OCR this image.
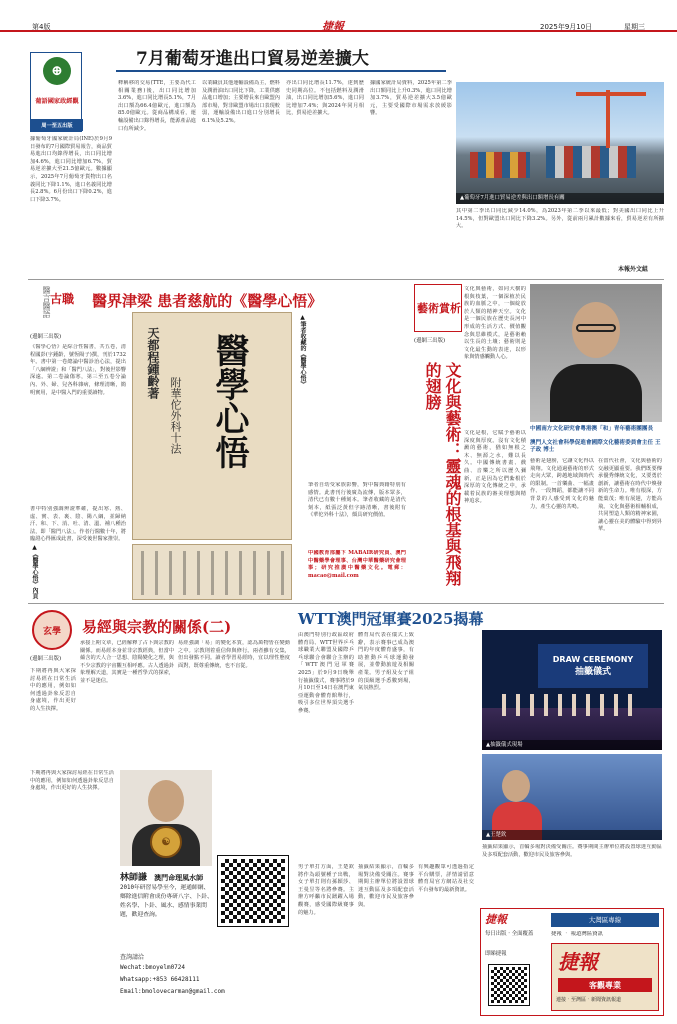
第4版	捷報	2025年9月10日	星期三
7月葡萄牙進出口貿易逆差擴大
⊕
葡語國家政經觀
周一至五出版
據葡萄牙國家統計局(INE)於9月9日發布的7月國際貿易報告，商品貿易進出口均錄得增長，出口同比增加4.6%，進口同比增加6.7%，貿易逆差擴大至21.5億歐元。數據顯示，2025年7月葡萄牙貨物出口名義同比下降1.1%，進口名義同比增長2.8%。6月份出口下降0.2%，進口下降3.7%。
釋稱移的交易(TTE，主要為代工相關業務)後，出口同比增加3.6%，進口同比增長5.1%，7月出口額為66.4億歐元，進口額為85.0億歐元。從商品構成看，運輸設備出口錄得增長，能源產品進口有所減少。
以業職員其他運輸設備為主，燃料及潤滑油出口同比下降，工業供應品進口增加；主要增長來自歐盟內部市場，對非歐盟市場出口表現較弱，運輸設備出口進口分別增長6.1%及5.2%。
亦出口同比增長11.7%，達到歷史同期高位。不包括燃料及潤滑油，出口同比增加5.6%，進口同比增加7.4%；與2024年同月相比，貿易逆差擴大。
據國家統計局資料，2025年第二季出口額同比上升0.3%，進口同比增加3.7%，貿易逆差擴大3.5億歐元，主要受國際市場需求放緩影響。
▲葡萄牙7月進口貿易逆差與出口額增長有關
其中第二季出口同比減少14.0%，為2023年第二季以來最低；對美國出口同比上升14.5%，但對歐盟出口同比下降3.2%。另外，從前兩月累計數據來看，貿易逆差有所擴大。
本報外文組
醫言醫語 古職
(邊網三出版)
醫界津梁 患者慈航的《醫學心悟》
《醫學心悟》是綜合性醫書，共五卷，清程國彭(字鍾齡，號恆陽子)撰，刊於1732年。書中第一卷總論中醫診治心法，提出「八綱辨證」和「醫門八法」，對後世影響深遠。第二卷論傷寒，第三至五卷分論內、外、婦、兒各科雜病，條理清晰，簡明實用，是中醫入門的重要讀物。	天都程鍾齡著
附華佗外科十法 醫學心悟	▲筆者收藏的《醫學心悟》
書中特別強調辨證準確，提出寒、熱、虛、實、表、裏、陰、陽八綱，並歸納汗、和、下、消、吐、清、溫、補八種治法，即「醫門八法」。作者行醫數十年，將臨證心得匯成此書，深受後世醫家推崇。
▲《醫學心悟》內頁
筆者自幼受家族影響，對中醫典籍特別有感情。此書刊行後廣為流傳，版本眾多，清代已有數十種刻本。筆者收藏的是清代刻本，紙張泛黃但字跡清晰，書後附有《華佗外科十法》，頗具研究價值。
中國教育部屬下 MABAIR研究員、澳門中醫藥學會理事、台灣中華醫藥研究會理事；研究推廣中醫藥文化。電郵：macao@mail.com
藝術賞析
(邊網三出版)
文化與藝術，如同大樹的根與枝葉，一個深植於民族的血脈之中，一個綻放於人類的精神天空。文化是一個民族在歷史長河中形成的生活方式、價值觀念與思維模式，是藝術賴以生長的土壤；藝術則是文化最生動的表達，以形象與情感觸動人心。
中國南方文化研究會粵港澳「和」青年藝術團團長
澳門人文社會科學促進會國際文化藝術委員會主任 王子政 博士
文化與藝術：靈魂的根基與飛翔的翅膀
文化是根，它賦予藝術以深度與厚度。沒有文化積澱的藝術，猶如無根之木、無源之水，難以長久。中國傳統書畫、戲曲、音樂之所以歷久彌新，正是因為它們紮根於深厚的文化傳統之中，承載着民族的審美理想與精神追求。
藝術是翅膀，它讓文化得以飛翔。文化通過藝術的形式走向大眾，跨越地域與時代的限制。一首樂曲、一幅畫作、一段舞蹈，都能讓不同背景的人感受到文化的魅力，產生心靈的共鳴。
在當代社會，文化與藝術的交融更顯重要。我們既要傳承優秀傳統文化，又要勇於創新，讓藝術在時代中煥發新的生命力。唯有根深，方能葉茂；唯有展翅，方能高飛。文化與藝術相輔相成，共同塑造人類的精神家園，讓心靈在美的體驗中得到昇華。
玄學
(邊網三出版)
易經與宗教的關係(二)
承接上期文章，已經解釋了占卜與宗教的關係。而易經本身並非宗教經典，但當中蘊含的天人合一思想、陰陽變化之理，與不少宗教的宇宙觀互相呼應。古人透過卦象理解天道，其實是一種哲學式的探索，並不是迷信。
易經強調「易」的變化本質，認為萬物皆在變動之中。宗教則着重信仰與修行。兩者雖有交集，但出發點不同。讀者學習易經時，宜以理性態度面對，既尊重傳統，也不盲從。
下期將再與大家探討易經在日常生活中的應用，例如如何透過卦象反思自身處境，作出更好的人生抉擇。
下期將再與大家探討易經在日常生活中的應用，例如如何透過卦象反思自身處境，作出更好的人生抉擇。
☯
林師謙 澳門命理風水師
2010年研習易學至今，運通師網、鄉除進信附會成份專研八字、卜卦、姓名學、卜卦、風水、感情事業問題，歡迎查詢。
查詢請洽
Wechat:bmoyelm0724
Whatsapp:+853 66428111
Email:bmolovecarman@gmail.com
WTT澳門冠軍賽2025揭幕
由澳門特別行政區政府體育局、WTT世界乒乓球職業大聯盟及國際乒乓球聯合會聯合主辦的「WTT澳門冠軍賽2025」於9月9日晚舉行抽籤儀式，賽事將於9月10日至14日在澳門東亞運動會體育館舉行，吸引多位世界頂尖選手參賽。
體育局代表在儀式上致辭，表示賽事已成為澳門的年度體育盛事，有助推動乒乓球運動發展，並帶動旅遊及相關產業。男子組及女子組的頂級選手悉數到場，氣氛熱烈。
男子單打方面，王楚欽將作為頭號種子出戰，女子單打則有孫穎莎、王曼昱等名將參賽。主辦方呼籲市民踴躍入場觀賽，感受國際級賽事的魅力。
抽籤結果顯示，首輪多場對決備受關注。賽事期間主辦單位將設置球迷互動區及多項配套活動，歡迎市民及旅客參與。
有興趣觀眾可透過指定平台購票，詳情請留意體育局官方網站及社交平台發布的最新資訊。
DRAW CEREMONY
抽籤儀式
▲抽籤儀式現場
▲王楚欽
抽籤結果顯示，首輪多場對決備受關注。賽事期間主辦單位將設置球迷互動區及多項配套活動，歡迎市民及旅客參與。
捷報	大灣區專線
每日出版 · 全面覆蓋
即睇捷報
捷報 ‧ 報道灣區資訊
捷報
客觀專業
連接‧至灣區‧新聞資訊報道
